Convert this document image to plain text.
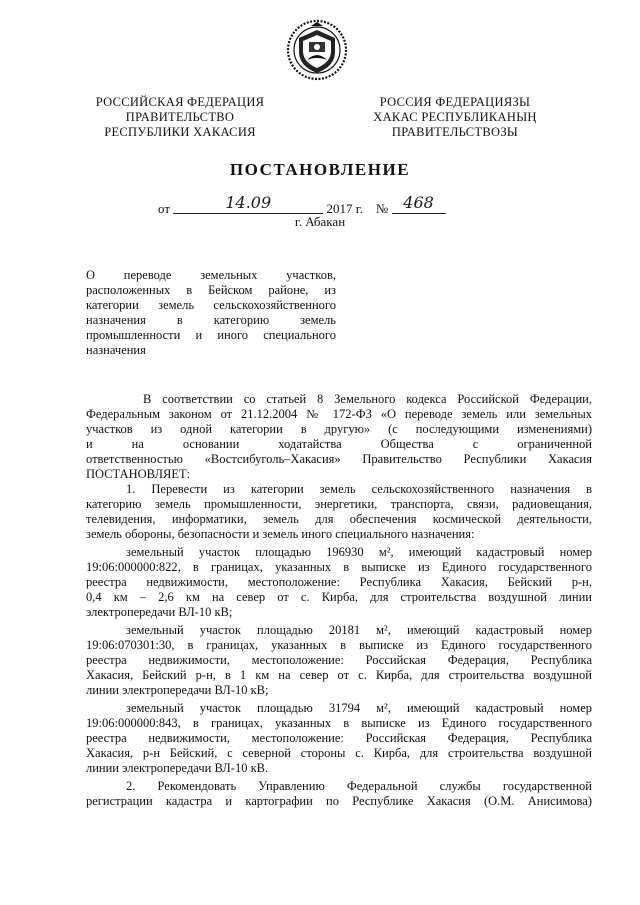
РОССИЙСКАЯ ФЕДЕРАЦИЯ
ПРАВИТЕЛЬСТВО
РЕСПУБЛИКИ ХАКАСИЯ
РОССИЯ ФЕДЕРАЦИЯЗЫ
ХАКАС РЕСПУБЛИКАНЫҢ
ПРАВИТЕЛЬСТВОЗЫ
ПОСТАНОВЛЕНИЕ
от	14.09	2017 г. № 468
г. Абакан
О переводе земельных участков,
расположенных в Бейском районе, из
категории земель сельскохозяйственного
назначения в категорию земель
промышленности и иного специального
назначения
В соответствии со статьей 8 Земельного кодекса Российской Федерации,
Федеральным законом от 21.12.2004 № 172-ФЗ «О переводе земель или земельных
участков из одной категории в другую» (с последующими изменениями)
и на основании ходатайства Общества с ограниченной
ответственностью «Востсибуголь–Хакасия» Правительство Республики Хакасия
ПОСТАНОВЛЯЕТ:
1. Перевести из категории земель сельскохозяйственного назначения в
категорию земель промышленности, энергетики, транспорта, связи, радиовещания,
телевидения, информатики, земель для обеспечения космической деятельности,
земель обороны, безопасности и земель иного специального назначения:
земельный участок площадью 196930 м², имеющий кадастровый номер
19:06:000000:822, в границах, указанных в выписке из Единого государственного
реестра недвижимости, местоположение: Республика Хакасия, Бейский р-н,
0,4 км – 2,6 км на север от с. Кирба, для строительства воздушной линии
электропередачи ВЛ-10 кВ;
земельный участок площадью 20181 м², имеющий кадастровый номер
19:06:070301:30, в границах, указанных в выписке из Единого государственного
реестра недвижимости, местоположение: Российская Федерация, Республика
Хакасия, Бейский р-н, в 1 км на север от с. Кирба, для строительства воздушной
линии электропередачи ВЛ-10 кВ;
земельный участок площадью 31794 м², имеющий кадастровый номер
19:06:000000:843, в границах, указанных в выписке из Единого государственного
реестра недвижимости, местоположение: Российская Федерация, Республика
Хакасия, р-н Бейский, с северной стороны с. Кирба, для строительства воздушной
линии электропередачи ВЛ-10 кВ.
2. Рекомендовать Управлению Федеральной службы государственной
регистрации кадастра и картографии по Республике Хакасия (О.М. Анисимова)
